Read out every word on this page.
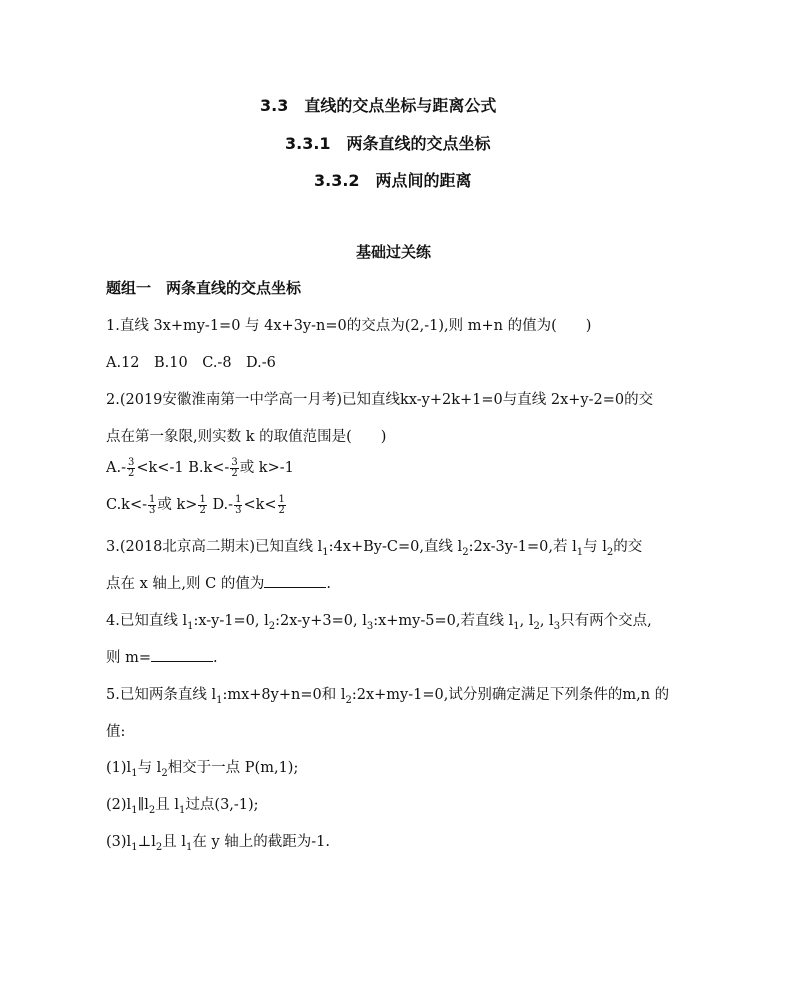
3.3　直线的交点坐标与距离公式
3.3.1　两条直线的交点坐标
3.3.2　两点间的距离
基础过关练
题组一　两条直线的交点坐标
1.直线 3x+my-1=0 与 4x+3y-n=0的交点为(2,-1),则 m+n 的值为(　　)
A.12　B.10　C.-8　D.-6
2.(2019安徽淮南第一中学高一月考)已知直线kx-y+2k+1=0与直线 2x+y-2=0的交
点在第一象限,则实数 k 的取值范围是(　　)
$A.- \frac{3}{2} <k<-1$ $B.k<- \frac{3}{2}$ 或 k>-1
$C.k<- \frac{1}{3}$ 或 $k> \frac{1}{2} D.- \frac{1}{3} <k< \frac{1}{2}$
3.(2018北京高二期末)已知直线 $l_1:4x+By-C=0$,直线 $l_2:2x-3y-1=0$,若 $l_1$与 $l_2$的交
点在 x 轴上,则 C 的值为	.
4.已知直线 $l_1:x-y-1=0$, $l_2:2x-y+3=0$, $l_3:x+my-5=0$,若直线 $l_1$, $l_2$, $l_3$只有两个交点,
则 m=	.
5.已知两条直线 $l_1:mx+8y+n=0$和 $l_2:2x+my-1=0$,试分别确定满足下列条件的m,n 的
值:
$(1)l_1$与 $l_2$相交于一点 P(m,1);
$(2)l_1\parallel l_2$且 $l_1$过点(3,-1);
$(3)l_1\perp l_2$且 $l_1$在 y 轴上的截距为-1.
